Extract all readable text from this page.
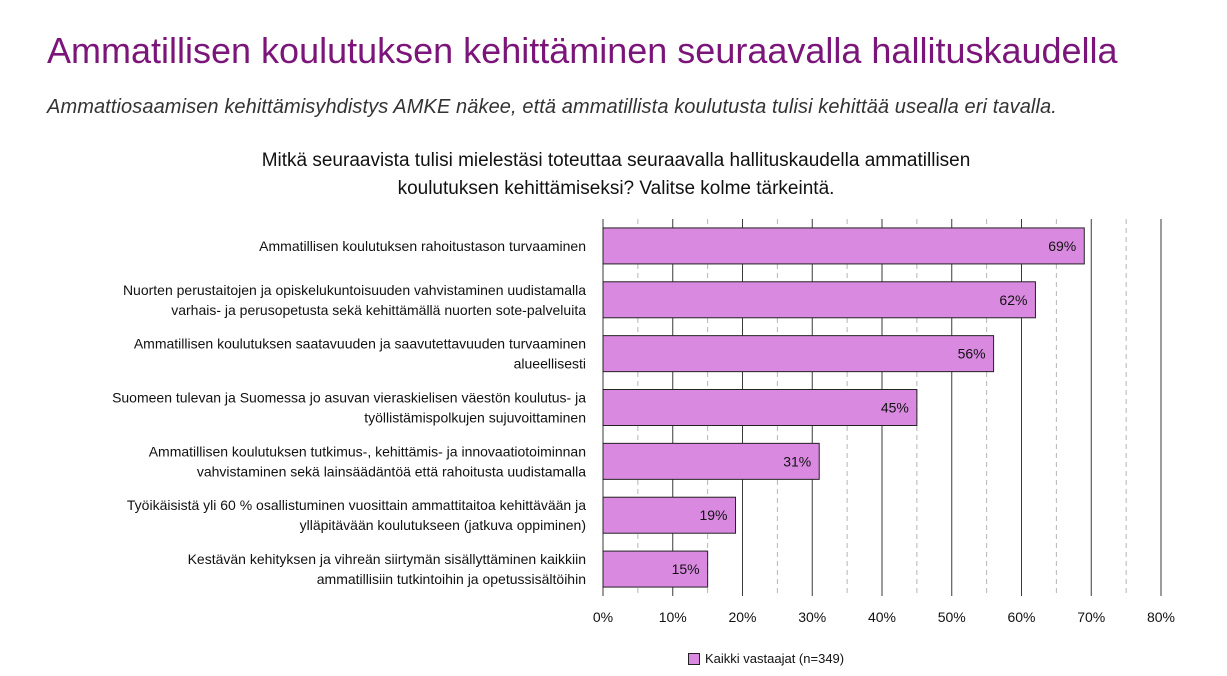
Ammatillisen koulutuksen kehittäminen seuraavalla hallituskaudella
Ammattiosaamisen kehittämisyhdistys AMKE näkee, että ammatillista koulutusta tulisi kehittää usealla eri tavalla.
Mitkä seuraavista tulisi mielestäsi toteuttaa seuraavalla hallituskaudella ammatillisen
koulutuksen kehittämiseksi? Valitse kolme tärkeintä.
69%
Ammatillisen koulutuksen rahoitustason turvaaminen
62%
Nuorten perustaitojen ja opiskelukuntoisuuden vahvistaminen uudistamalla
varhais- ja perusopetusta sekä kehittämällä nuorten sote-palveluita
56%
Ammatillisen koulutuksen saatavuuden ja saavutettavuuden turvaaminen
alueellisesti
45%
Suomeen tulevan ja Suomessa jo asuvan vieraskielisen väestön koulutus- ja
työllistämispolkujen sujuvoittaminen
31%
Ammatillisen koulutuksen tutkimus-, kehittämis- ja innovaatiotoiminnan
vahvistaminen sekä lainsäädäntöä että rahoitusta uudistamalla
19%
Työikäisistä yli 60 % osallistuminen vuosittain ammattitaitoa kehittävään ja
ylläpitävään koulutukseen (jatkuva oppiminen)
15%
Kestävän kehityksen ja vihreän siirtymän sisällyttäminen kaikkiin
ammatillisiin tutkintoihin ja opetussisältöihin
0%	10%	20%	30%	40%	50%	60%	70%	80%
Kaikki vastaajat (n=349)
